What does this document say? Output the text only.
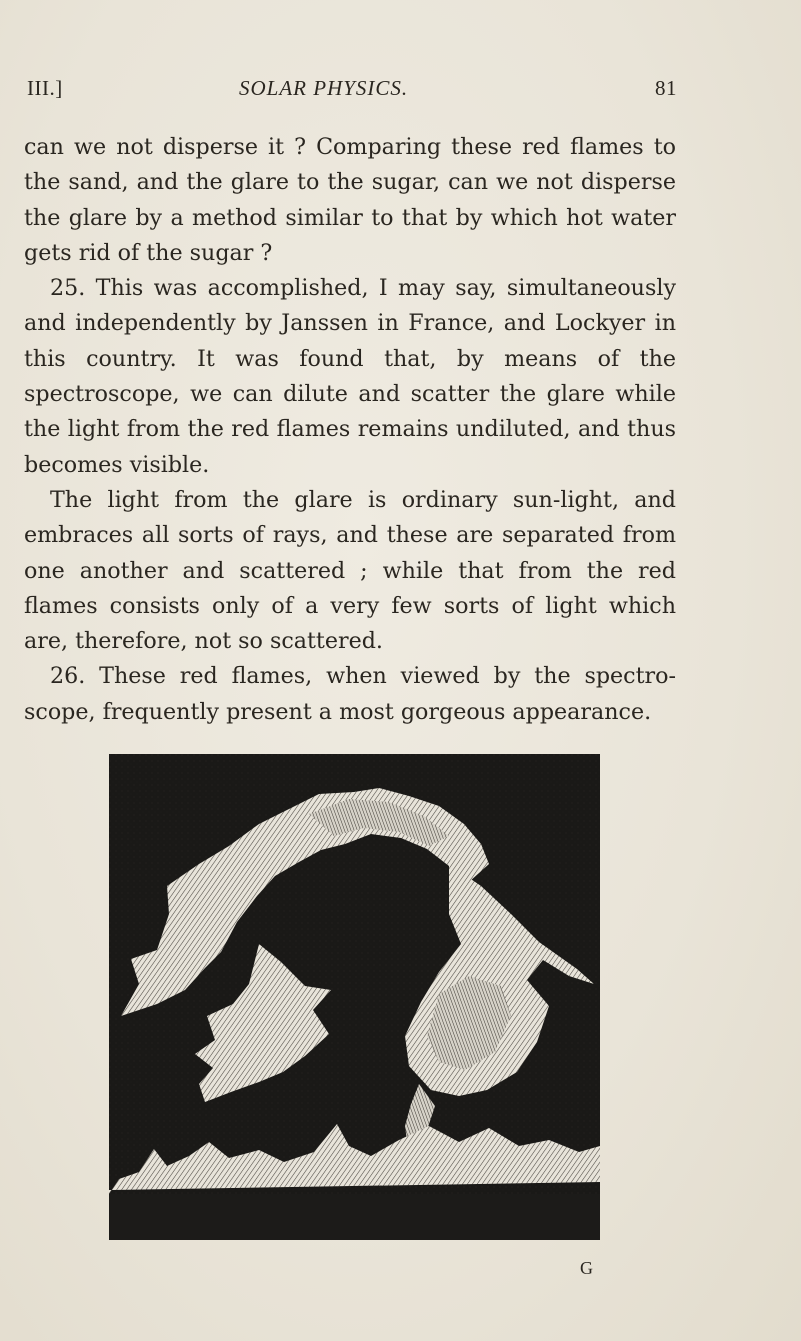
III.]	SOLAR PHYSICS.	81

can we not disperse it ? Comparing these red flames to the sand, and the glare to the sugar, can we not disperse the glare by a method similar to that by which hot water gets rid of the sugar ?

25. This was accomplished, I may say, simultaneously and independently by Janssen in France, and Lockyer in this country. It was found that, by means of the spectroscope, we can dilute and scatter the glare while the light from the red flames remains undiluted, and thus becomes visible.

The light from the glare is ordinary sun-light, and embraces all sorts of rays, and these are separated from one another and scattered ; while that from the red flames consists only of a very few sorts of light which are, therefore, not so scattered.

26. These red flames, when viewed by the spectroscope, frequently present a most gorgeous appearance.

G
